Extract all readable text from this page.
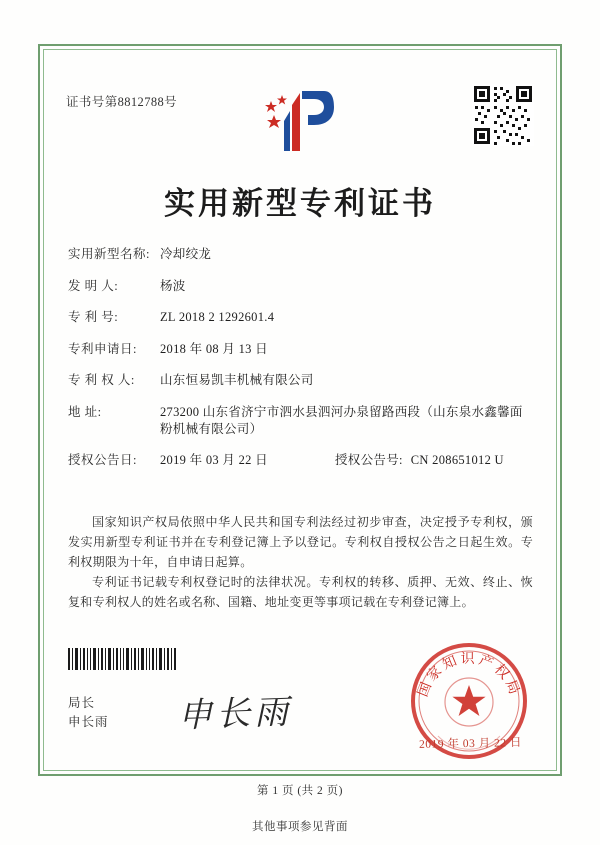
证书号第8812788号
实用新型专利证书
实用新型名称: 冷却绞龙
发 明 人:	杨波
专 利 号:	ZL 2018 2 1292601.4
专利申请日:	2018 年 08 月 13 日
专 利 权 人:	山东恒易凯丰机械有限公司
地 址:	273200 山东省济宁市泗水县泗河办泉留路西段（山东泉水鑫馨面粉机械有限公司）
授权公告日:	2019 年 03 月 22 日	授权公告号: CN 208651012 U
国家知识产权局依照中华人民共和国专利法经过初步审查，决定授予专利权，颁发实用新型专利证书并在专利登记簿上予以登记。专利权自授权公告之日起生效。专利权期限为十年，自申请日起算。
专利证书记载专利权登记时的法律状况。专利权的转移、质押、无效、终止、恢复和专利权人的姓名或名称、国籍、地址变更等事项记载在专利登记簿上。
局长
申长雨 申长雨
国家知识产权局
2019 年 03 月 22 日
第 1 页 (共 2 页)
其他事项参见背面
